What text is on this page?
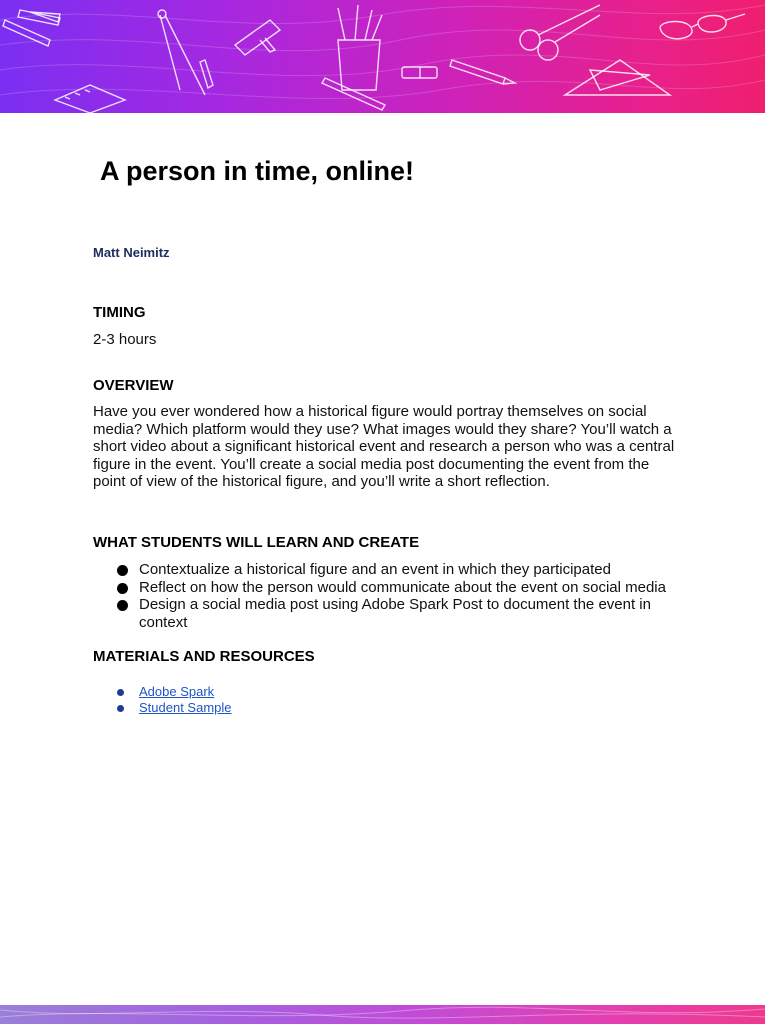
A person in time, online!
Matt Neimitz
TIMING
2-3 hours
OVERVIEW
Have you ever wondered how a historical figure would portray themselves on social media? Which platform would they use? What images would they share? You’ll watch a short video about a significant historical event and research a person who was a central figure in the event. You’ll create a social media post documenting the event from the point of view of the historical figure, and you’ll write a short reflection.
WHAT STUDENTS WILL LEARN AND CREATE
Contextualize a historical figure and an event in which they participated
Reflect on how the person would communicate about the event on social media
Design a social media post using Adobe Spark Post to document the event in context
MATERIALS AND RESOURCES
Adobe Spark
Student Sample
